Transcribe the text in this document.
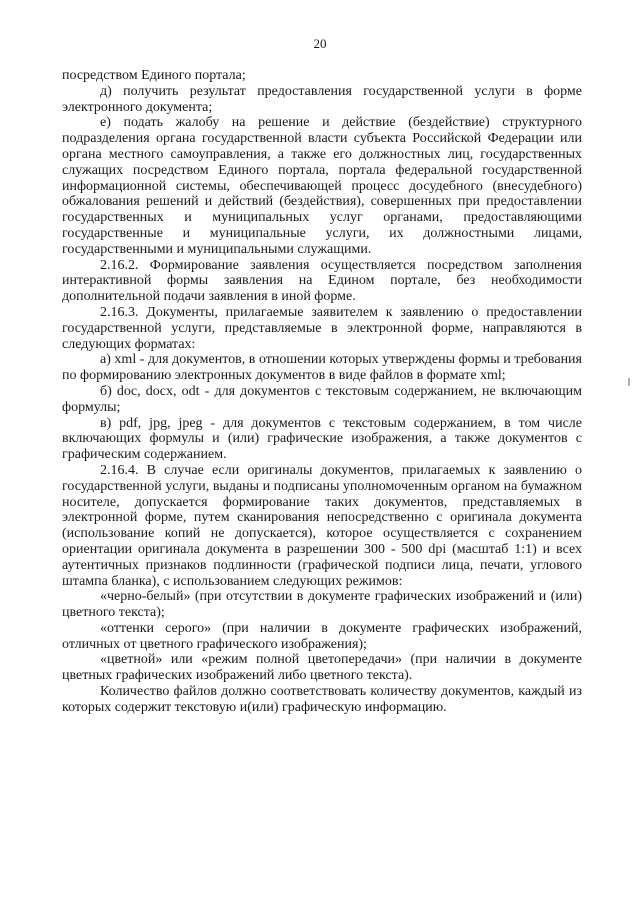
20

посредством Единого портала;

д) получить результат предоставления государственной услуги в форме электронного документа;

е) подать жалобу на решение и действие (бездействие) структурного подразделения органа государственной власти субъекта Российской Федерации или органа местного самоуправления, а также его должностных лиц, государственных служащих посредством Единого портала, портала федеральной государственной информационной системы, обеспечивающей процесс досудебного (внесудебного) обжалования решений и действий (бездействия), совершенных при предоставлении государственных и муниципальных услуг органами, предоставляющими государственные и муниципальные услуги, их должностными лицами, государственными и муниципальными служащими.

2.16.2. Формирование заявления осуществляется посредством заполнения интерактивной формы заявления на Едином портале, без необходимости дополнительной подачи заявления в иной форме.

2.16.3. Документы, прилагаемые заявителем к заявлению о предоставлении государственной услуги, представляемые в электронной форме, направляются в следующих форматах:

а) xml - для документов, в отношении которых утверждены формы и требования по формированию электронных документов в виде файлов в формате xml;

б) doc, docx, odt - для документов с текстовым содержанием, не включающим формулы;

в) pdf, jpg, jpeg - для документов с текстовым содержанием, в том числе включающих формулы и (или) графические изображения, а также документов с графическим содержанием.

2.16.4. В случае если оригиналы документов, прилагаемых к заявлению о государственной услуги, выданы и подписаны уполномоченным органом на бумажном носителе, допускается формирование таких документов, представляемых в электронной форме, путем сканирования непосредственно с оригинала документа (использование копий не допускается), которое осуществляется с сохранением ориентации оригинала документа в разрешении 300 - 500 dpi (масштаб 1:1) и всех аутентичных признаков подлинности (графической подписи лица, печати, углового штампа бланка), с использованием следующих режимов:

«черно-белый» (при отсутствии в документе графических изображений и (или) цветного текста);

«оттенки серого» (при наличии в документе графических изображений, отличных от цветного графического изображения);

«цветной» или «режим полной цветопередачи» (при наличии в документе цветных графических изображений либо цветного текста).

Количество файлов должно соответствовать количеству документов, каждый из которых содержит текстовую и(или) графическую информацию.
